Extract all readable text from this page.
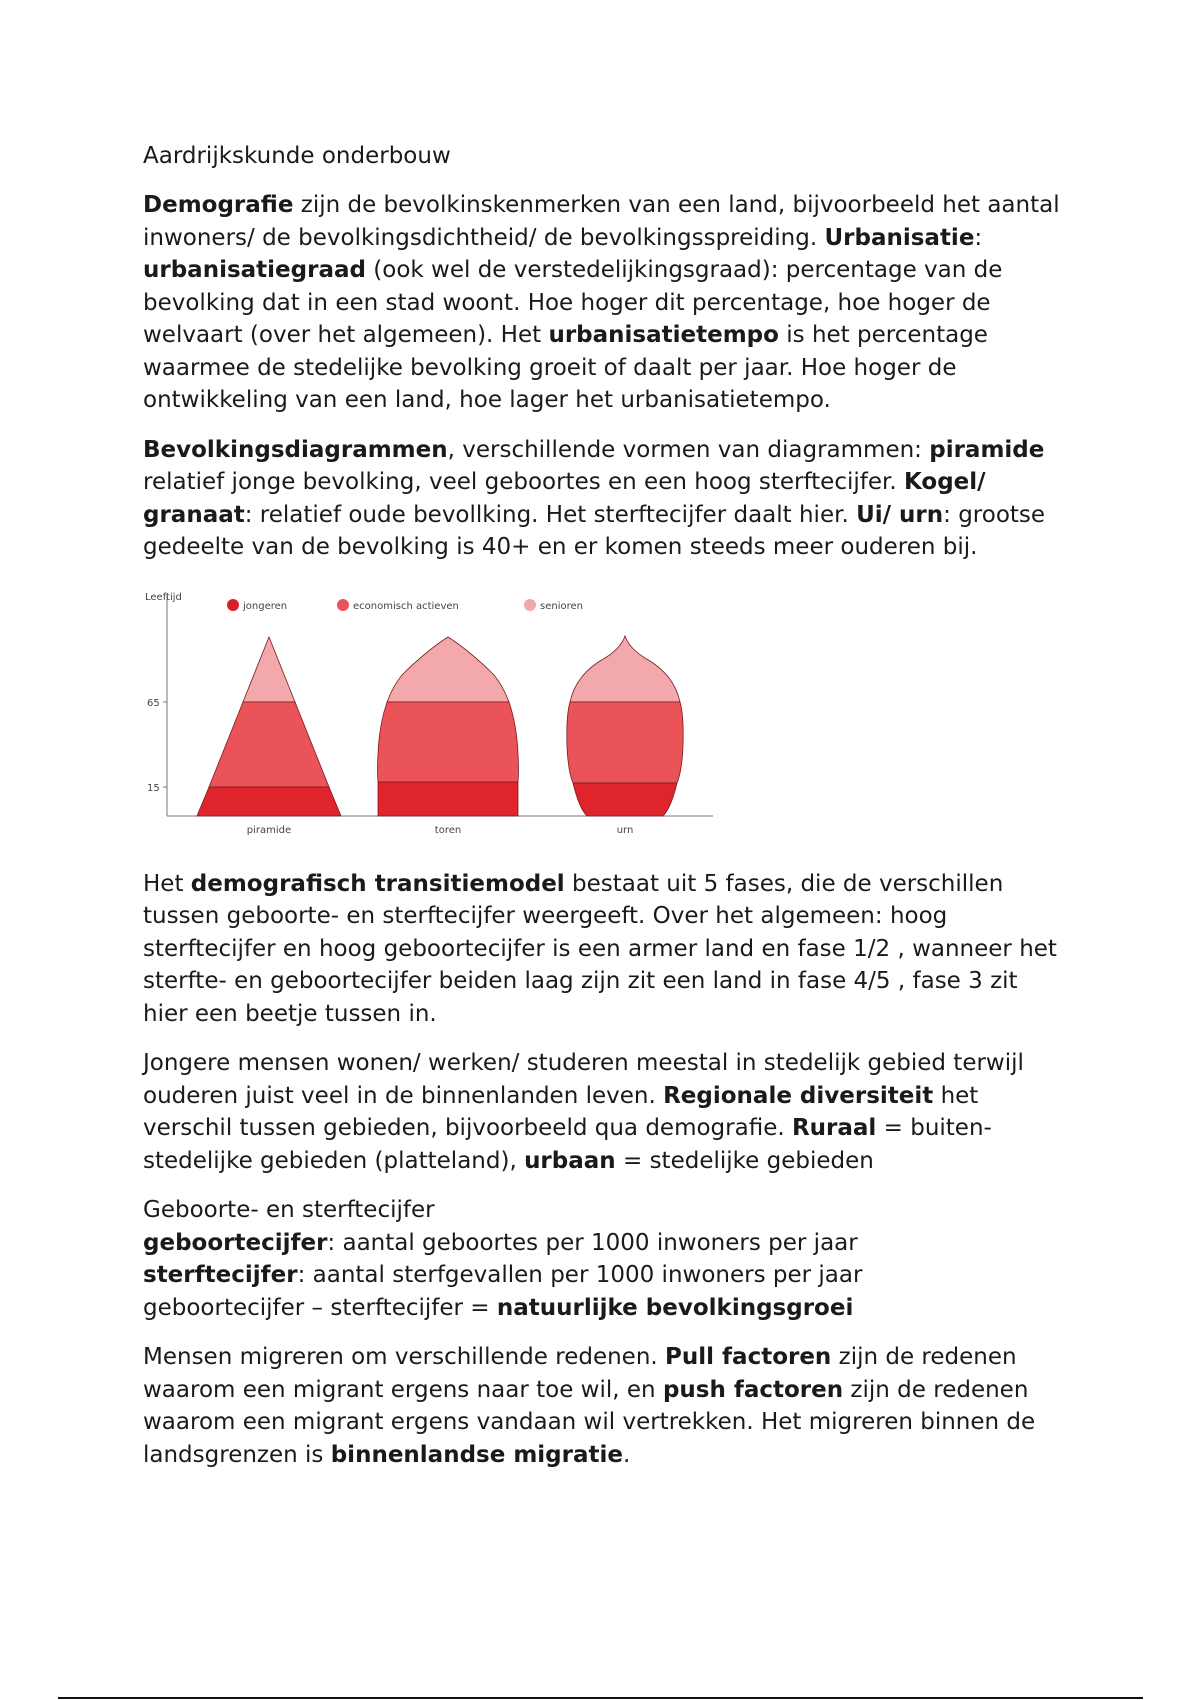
Aardrijkskunde onderbouw

Demografie zijn de bevolkinskenmerken van een land, bijvoorbeeld het aantal inwoners/ de bevolkingsdichtheid/ de bevolkingsspreiding. Urbanisatie: urbanisatiegraad (ook wel de verstedelijkingsgraad): percentage van de bevolking dat in een stad woont. Hoe hoger dit percentage, hoe hoger de welvaart (over het algemeen). Het urbanisatietempo is het percentage waarmee de stedelijke bevolking groeit of daalt per jaar. Hoe hoger de ontwikkeling van een land, hoe lager het urbanisatietempo.

Bevolkingsdiagrammen, verschillende vormen van diagrammen: piramide relatief jonge bevolking, veel geboortes en een hoog sterftecijfer. Kogel/ granaat: relatief oude bevollking. Het sterftecijfer daalt hier. Ui/ urn: grootse gedeelte van de bevolking is 40+ en er komen steeds meer ouderen bij.

Leeftijd
65
15
jongeren	economisch actieven	senioren
piramide	toren	urn

Het demografisch transitiemodel bestaat uit 5 fases, die de verschillen tussen geboorte- en sterftecijfer weergeeft. Over het algemeen: hoog sterftecijfer en hoog geboortecijfer is een armer land en fase 1/2 , wanneer het sterfte- en geboortecijfer beiden laag zijn zit een land in fase 4/5 , fase 3 zit hier een beetje tussen in.

Jongere mensen wonen/ werken/ studeren meestal in stedelijk gebied terwijl ouderen juist veel in de binnenlanden leven. Regionale diversiteit het verschil tussen gebieden, bijvoorbeeld qua demografie. Ruraal = buiten-stedelijke gebieden (platteland), urbaan = stedelijke gebieden

Geboorte- en sterftecijfer
geboortecijfer: aantal geboortes per 1000 inwoners per jaar
sterftecijfer: aantal sterfgevallen per 1000 inwoners per jaar
geboortecijfer – sterftecijfer = natuurlijke bevolkingsgroei

Mensen migreren om verschillende redenen. Pull factoren zijn de redenen waarom een migrant ergens naar toe wil, en push factoren zijn de redenen waarom een migrant ergens vandaan wil vertrekken. Het migreren binnen de landsgrenzen is binnenlandse migratie.
